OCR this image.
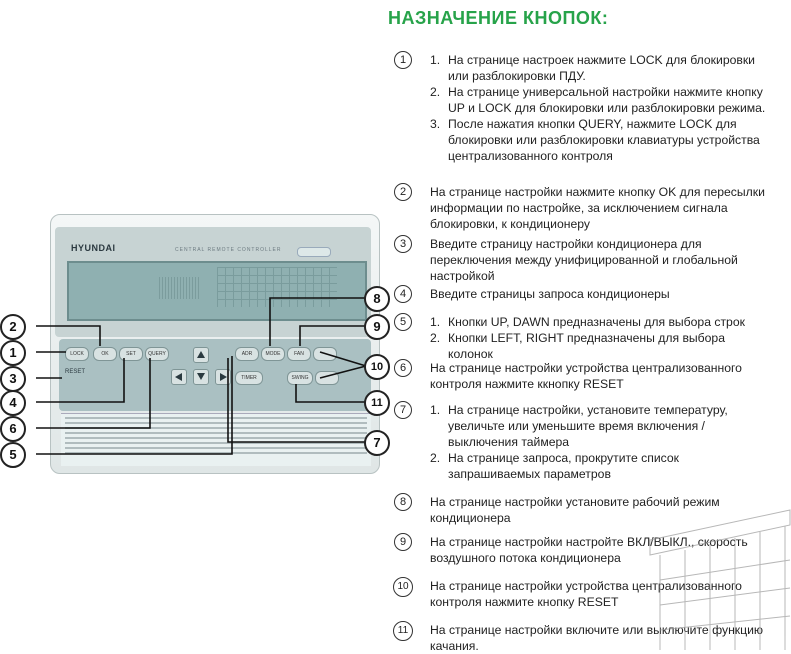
НАЗНАЧЕНИЕ КНОПОК:
1	1. На странице настроек нажмите LOCK для блокировки или разблокировки ПДУ.
2. На странице универсальной настройки нажмите кнопку UP и LOCK для блокировки или разблокировки режима.
3. После нажатия кнопки QUERY, нажмите LOCK для блокировки или разблокировки клавиатуры устройства централизованного контроля
2	На странице настройки нажмите кнопку OK для пересылки информации по настройке, за исключением сигнала блокировки, к кондиционеру
3	Введите страницу настройки кондиционера для переключения между унифицированной и глобальной настройкой
4	Введите страницы запроса кондиционеры
5	1. Кнопки UP, DAWN предназначены для выбора строк
2. Кнопки LEFT, RIGHT предназначены для выбора колонок
6	На странице настройки устройства централизованного контроля нажмите ккнопку RESET
7	1. На странице настройки, установите температуру, увеличьте или уменьшите время включения / выключения таймера
2. На странице запроса, прокрутите список запрашиваемых параметров
8	На странице настройки установите рабочий режим кондиционера
9	На странице настройки настройте ВКЛ/ВЫКЛ., скорость воздушного потока кондиционера
10	На странице настройки устройства централизованного контроля нажмите кнопку RESET
11	На странице настройки включите или выключите функцию качания.
HYUNDAI	CENTRAL REMOTE CONTROLLER
LOCK	OK	SET	QUERY
RESET
ADR	MODE	FAN
TIMER	SWING
1
2
3
4
6
5
8
9
10
11
7
